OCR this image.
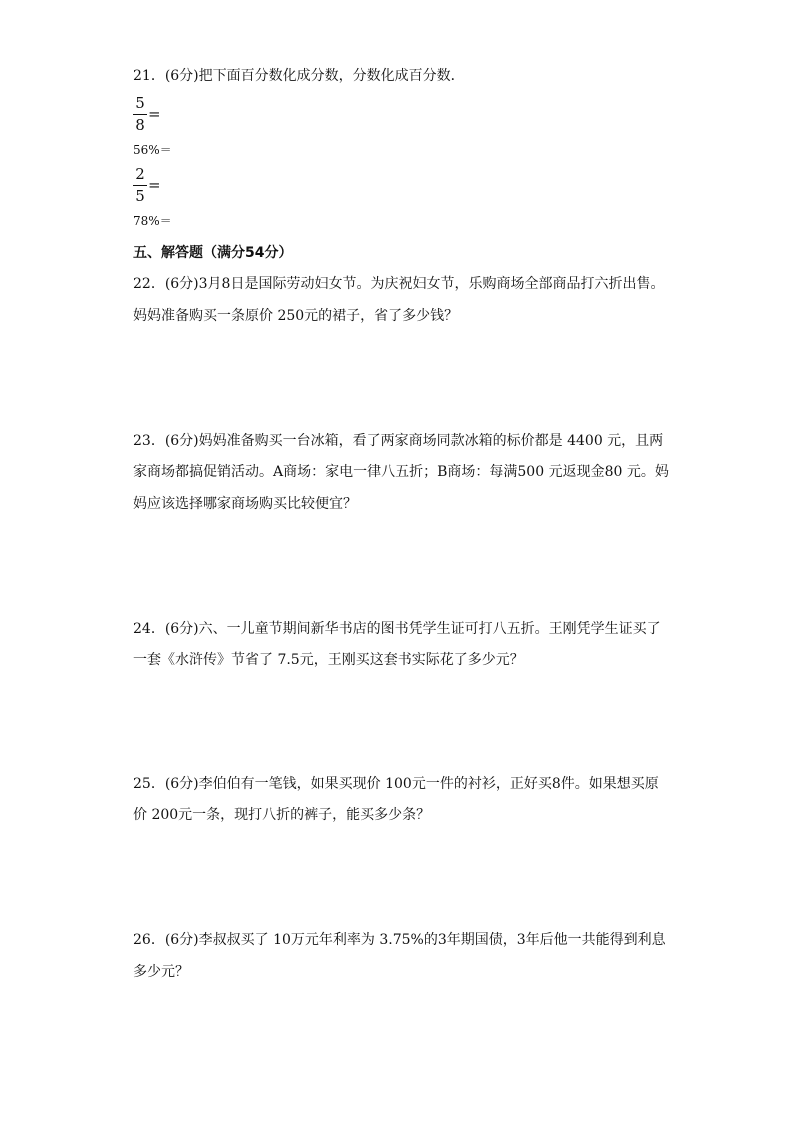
21．(6分)把下面百分数化成分数，分数化成百分数．
5
8
=
56%＝
2
5
=
78%＝
五、解答题（满分54分）
22．(6分)3月8日是国际劳动妇女节。为庆祝妇女节，乐购商场全部商品打六折出售。
妈妈准备购买一条原价 250元的裙子，省了多少钱？
23．(6分)妈妈准备购买一台冰箱，看了两家商场同款冰箱的标价都是 4400 元，且两
家商场都搞促销活动。A商场：家电一律八五折；B商场：每满500 元返现金80 元。妈
妈应该选择哪家商场购买比较便宜？
24．(6分)六、一儿童节期间新华书店的图书凭学生证可打八五折。王刚凭学生证买了
一套《水浒传》节省了 7.5元，王刚买这套书实际花了多少元？
25．(6分)李伯伯有一笔钱，如果买现价 100元一件的衬衫，正好买8件。如果想买原
价 200元一条，现打八折的裤子，能买多少条？
26．(6分)李叔叔买了 10万元年利率为 3.75%的3年期国债，3年后他一共能得到利息
多少元？
